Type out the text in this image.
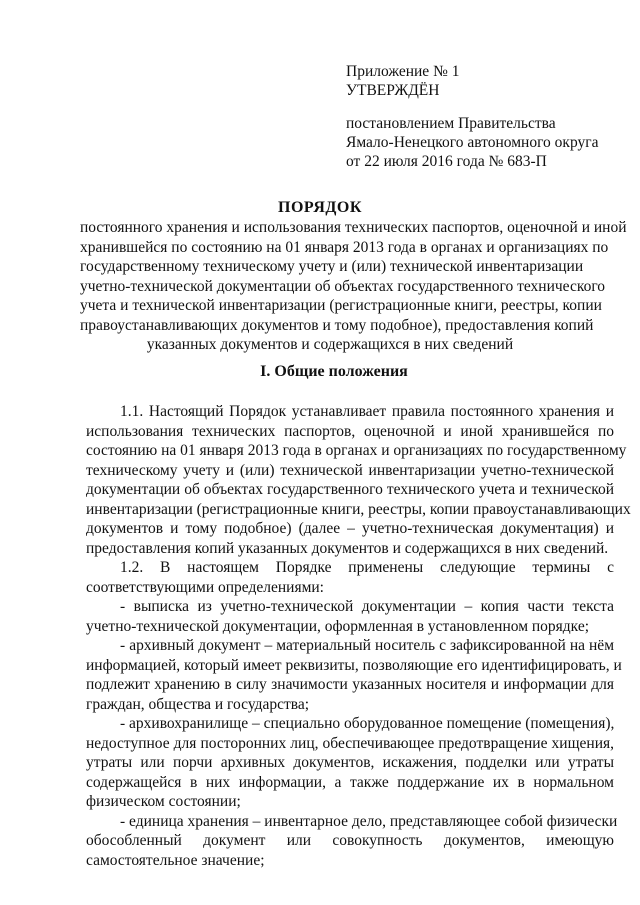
Приложение № 1
УТВЕРЖДЁН
постановлением Правительства
Ямало-Ненецкого автономного округа
от 22 июля 2016 года № 683-П
ПОРЯДОК
постоянного хранения и использования технических паспортов, оценочной и иной
хранившейся по состоянию на 01 января 2013 года в органах и организациях по
государственному техническому учету и (или) технической инвентаризации
учетно-технической документации об объектах государственного технического
учета и технической инвентаризации (регистрационные книги, реестры, копии
правоустанавливающих документов и тому подобное), предоставления копий
указанных документов и содержащихся в них сведений
I. Общие положения
1.1. Настоящий Порядок устанавливает правила постоянного хранения и
использования технических паспортов, оценочной и иной хранившейся по
состоянию на 01 января 2013 года в органах и организациях по государственному
техническому учету и (или) технической инвентаризации учетно-технической
документации об объектах государственного технического учета и технической
инвентаризации (регистрационные книги, реестры, копии правоустанавливающих
документов и тому подобное) (далее – учетно-техническая документация) и
предоставления копий указанных документов и содержащихся в них сведений.
1.2. В настоящем Порядке применены следующие термины с
соответствующими определениями:
- выписка из учетно-технической документации – копия части текста
учетно-технической документации, оформленная в установленном порядке;
- архивный документ – материальный носитель с зафиксированной на нём
информацией, который имеет реквизиты, позволяющие его идентифицировать, и
подлежит хранению в силу значимости указанных носителя и информации для
граждан, общества и государства;
- архивохранилище – специально оборудованное помещение (помещения),
недоступное для посторонних лиц, обеспечивающее предотвращение хищения,
утраты или порчи архивных документов, искажения, подделки или утраты
содержащейся в них информации, а также поддержание их в нормальном
физическом состоянии;
- единица хранения – инвентарное дело, представляющее собой физически
обособленный документ или совокупность документов, имеющую
самостоятельное значение;
